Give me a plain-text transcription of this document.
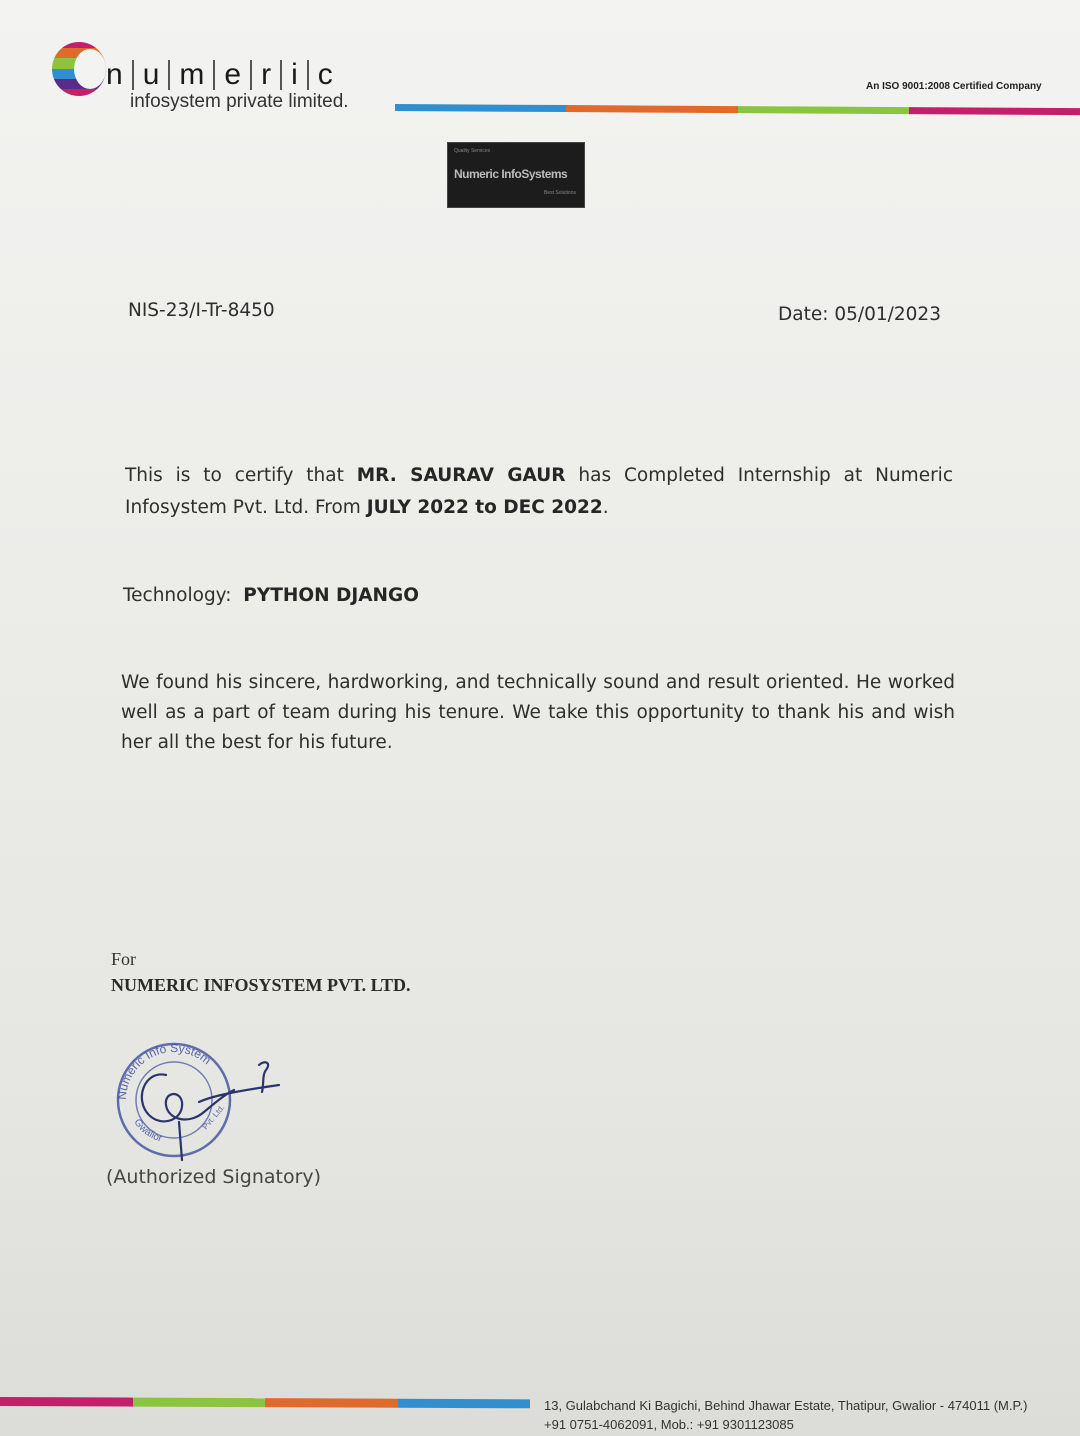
n u m e r i c
infosystem private limited.
An ISO 9001:2008 Certified Company
Quality Services
Numeric InfoSystems
Best Solutions
NIS-23/I-Tr-8450	Date: 05/01/2023
This is to certify that MR. SAURAV GAUR has Completed Internship at Numeric Infosystem Pvt. Ltd. From JULY 2022 to DEC 2022.
Technology: PYTHON DJANGO
We found his sincere, hardworking, and technically sound and result oriented. He worked well as a part of team during his tenure. We take this opportunity to thank his and wish her all the best for his future.
For
NUMERIC INFOSYSTEM PVT. LTD.
Numeric Info System
Gwalior
Pvt. Ltd.
(Authorized Signatory)
13, Gulabchand Ki Bagichi, Behind Jhawar Estate, Thatipur, Gwalior - 474011 (M.P.)
+91 0751-4062091, Mob.: +91 9301123085
